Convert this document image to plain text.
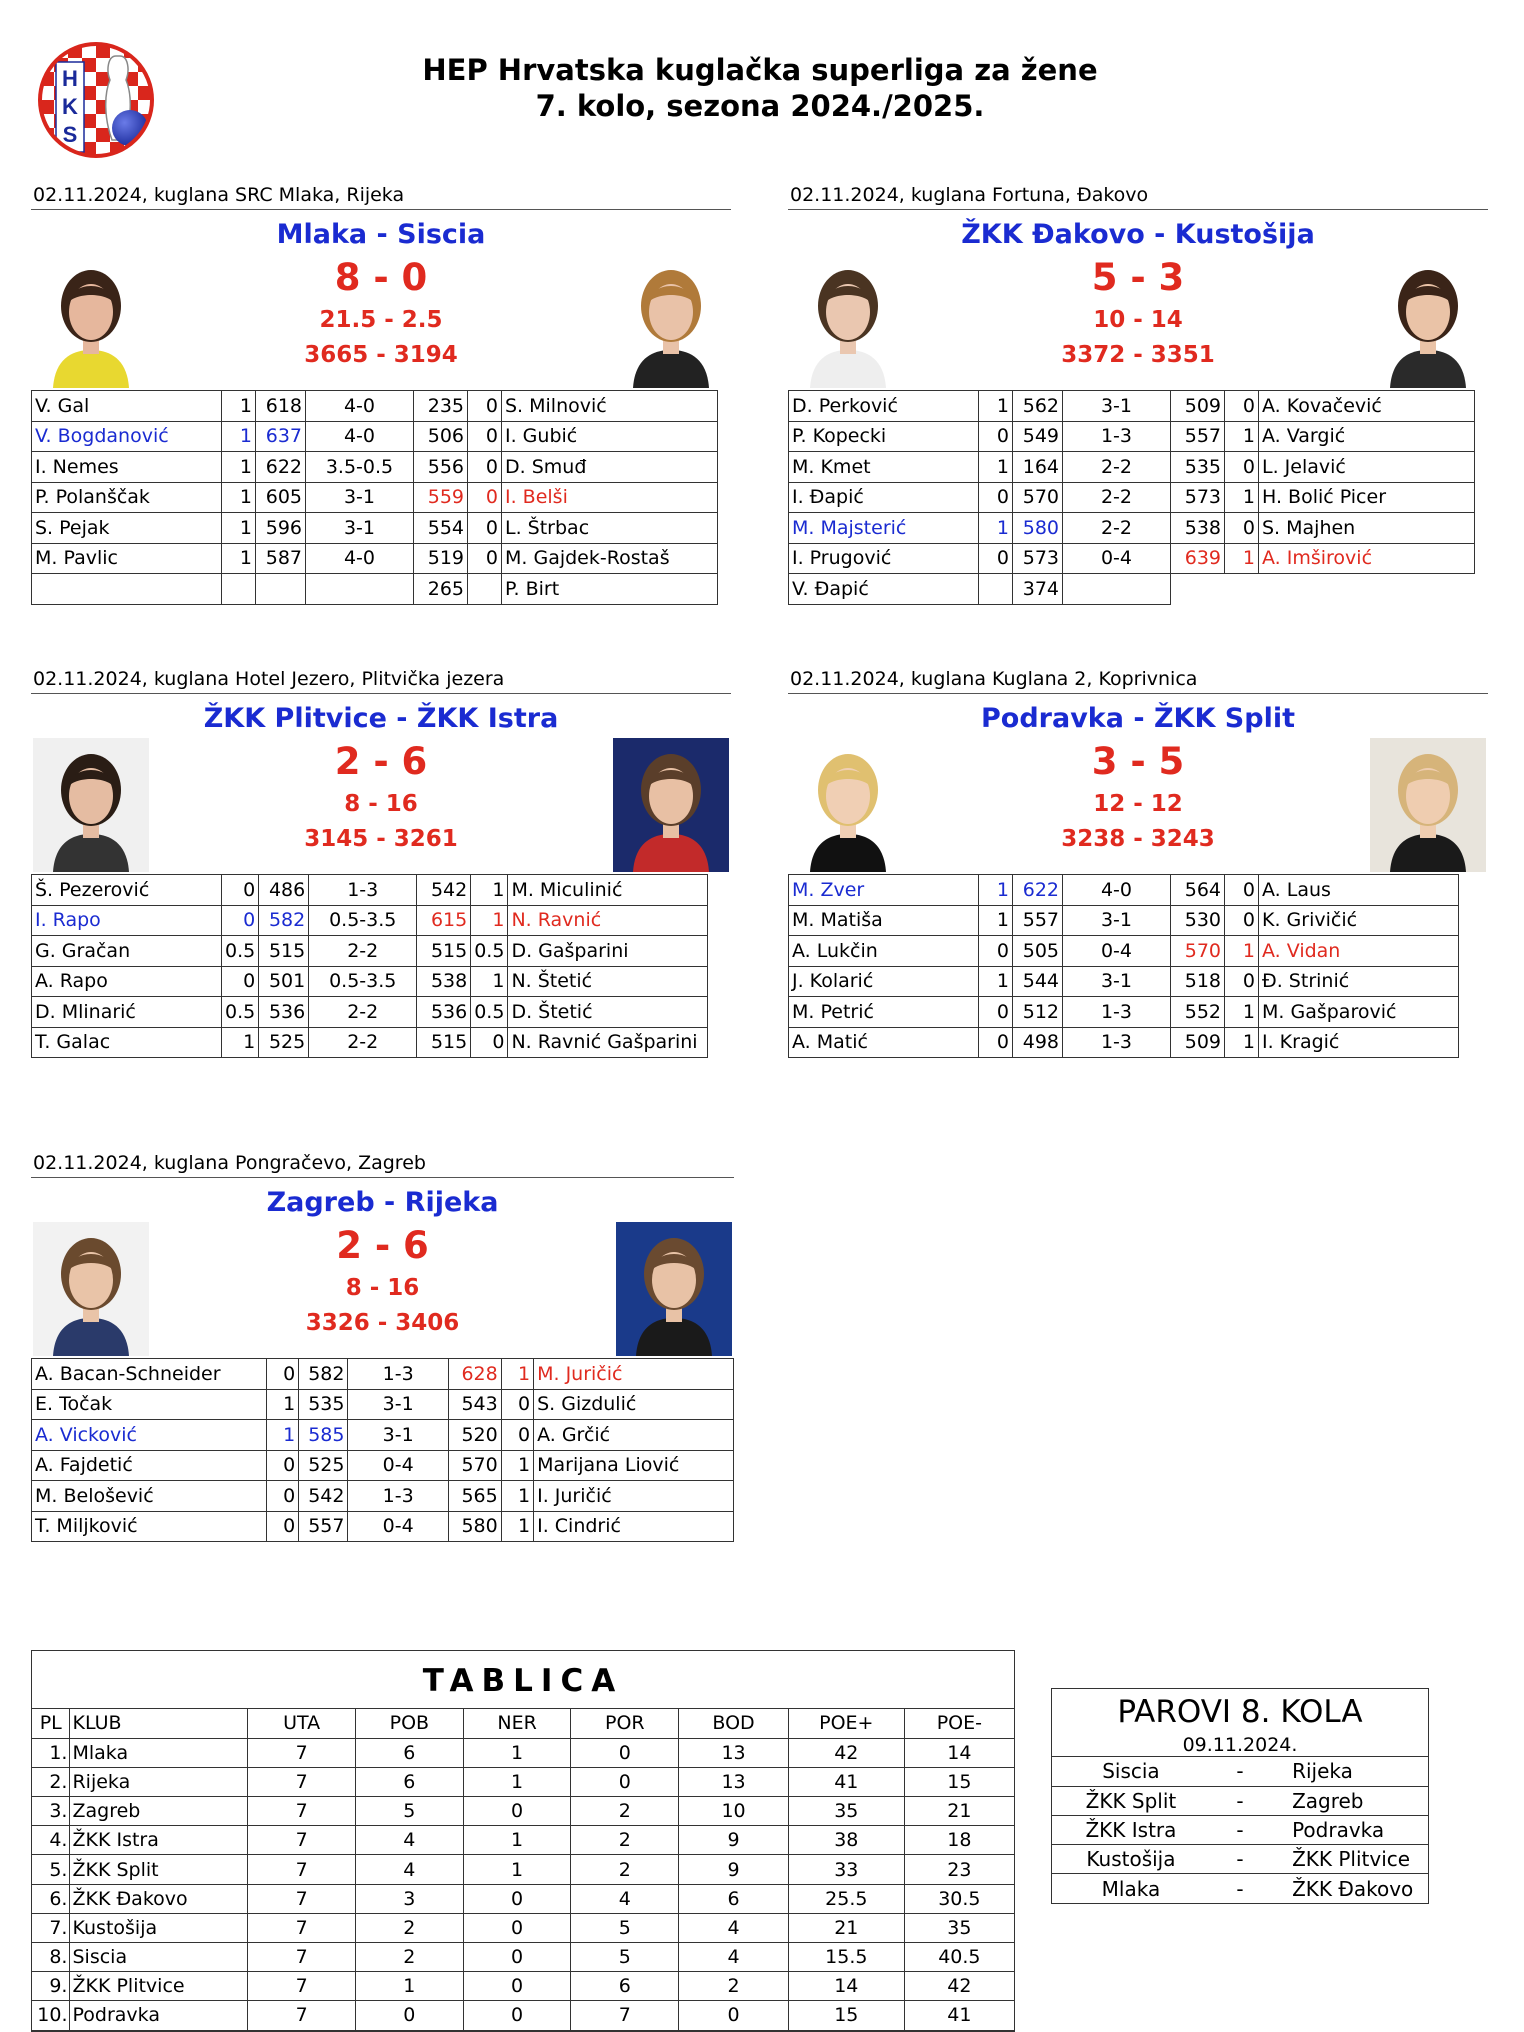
H
K
S
HEP Hrvatska kuglačka superliga za žene
7. kolo, sezona 2024./2025.
02.11.2024, kuglana SRC Mlaka, Rijeka
Mlaka - Siscia
8 - 0
21.5 - 2.5
3665 - 3194
V. Gal	1	618	4-0	235	0	S. Milnović
V. Bogdanović	1	637	4-0	506	0	I. Gubić
I. Nemes	1	622	3.5-0.5	556	0	D. Smuđ
P. Polanščak	1	605	3-1	559	0	I. Belši
S. Pejak	1	596	3-1	554	0	L. Štrbac
M. Pavlic	1	587	4-0	519	0	M. Gajdek-Rostaš
				265		P. Birt
02.11.2024, kuglana Fortuna, Đakovo
ŽKK Đakovo - Kustošija
5 - 3
10 - 14
3372 - 3351
D. Perković	1	562	3-1	509	0	A. Kovačević
P. Kopecki	0	549	1-3	557	1	A. Vargić
M. Kmet	1	164	2-2	535	0	L. Jelavić
I. Đapić	0	570	2-2	573	1	H. Bolić Picer
M. Majsterić	1	580	2-2	538	0	S. Majhen
I. Prugović	0	573	0-4	639	1	A. Imširović
V. Đapić		374				
02.11.2024, kuglana Hotel Jezero, Plitvička jezera
ŽKK Plitvice - ŽKK Istra
2 - 6
8 - 16
3145 - 3261
Š. Pezerović	0	486	1-3	542	1	M. Miculinić
I. Rapo	0	582	0.5-3.5	615	1	N. Ravnić
G. Gračan	0.5	515	2-2	515	0.5	D. Gašparini
A. Rapo	0	501	0.5-3.5	538	1	N. Štetić
D. Mlinarić	0.5	536	2-2	536	0.5	D. Štetić
T. Galac	1	525	2-2	515	0	N. Ravnić Gašparini
02.11.2024, kuglana Kuglana 2, Koprivnica
Podravka - ŽKK Split
3 - 5
12 - 12
3238 - 3243
M. Zver	1	622	4-0	564	0	A. Laus
M. Matiša	1	557	3-1	530	0	K. Grivičić
A. Lukčin	0	505	0-4	570	1	A. Vidan
J. Kolarić	1	544	3-1	518	0	Đ. Strinić
M. Petrić	0	512	1-3	552	1	M. Gašparović
A. Matić	0	498	1-3	509	1	I. Kragić
02.11.2024, kuglana Pongračevo, Zagreb
Zagreb - Rijeka
2 - 6
8 - 16
3326 - 3406
A. Bacan-Schneider	0	582	1-3	628	1	M. Juričić
E. Točak	1	535	3-1	543	0	S. Gizdulić
A. Vicković	1	585	3-1	520	0	A. Grčić
A. Fajdetić	0	525	0-4	570	1	Marijana Liović
M. Belošević	0	542	1-3	565	1	I. Juričić
T. Miljković	0	557	0-4	580	1	I. Cindrić
TABLICA
PL	KLUB	UTA	POB	NER	POR	BOD	POE+	POE-
1.	Mlaka	7	6	1	0	13	42	14
2.	Rijeka	7	6	1	0	13	41	15
3.	Zagreb	7	5	0	2	10	35	21
4.	ŽKK Istra	7	4	1	2	9	38	18
5.	ŽKK Split	7	4	1	2	9	33	23
6.	ŽKK Đakovo	7	3	0	4	6	25.5	30.5
7.	Kustošija	7	2	0	5	4	21	35
8.	Siscia	7	2	0	5	4	15.5	40.5
9.	ŽKK Plitvice	7	1	0	6	2	14	42
10.	Podravka	7	0	0	7	0	15	41
PAROVI 8. KOLA
09.11.2024.
Siscia	-	Rijeka
ŽKK Split	-	Zagreb
ŽKK Istra	-	Podravka
Kustošija	-	ŽKK Plitvice
Mlaka	-	ŽKK Đakovo
